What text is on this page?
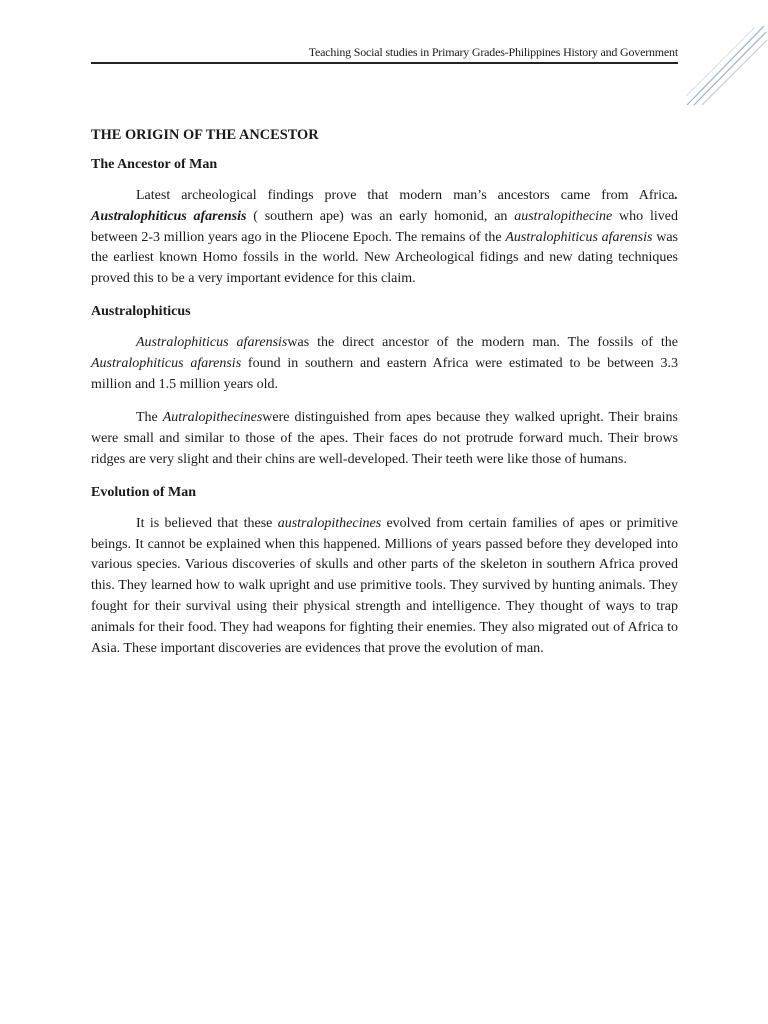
Teaching Social studies in Primary Grades-Philippines History and Government
THE ORIGIN OF THE ANCESTOR
The Ancestor of Man

Latest archeological findings prove that modern man’s ancestors came from Africa. Australophiticus afarensis ( southern ape) was an early homonid, an australopithecine who lived between 2-3 million years ago in the Pliocene Epoch. The remains of the Australophiticus afarensis was the earliest known Homo fossils in the world. New Archeological fidings and new dating techniques proved this to be a very important evidence for this claim.

Australophiticus

Australophiticus afarensiswas the direct ancestor of the modern man. The fossils of the Australophiticus afarensis found in southern and eastern Africa were estimated to be between 3.3 million and 1.5 million years old.

The Autralopithecineswere distinguished from apes because they walked upright. Their brains were small and similar to those of the apes. Their faces do not protrude forward much. Their brows ridges are very slight and their chins are well-developed. Their teeth were like those of humans.

Evolution of Man

It is believed that these australopithecines evolved from certain families of apes or primitive beings. It cannot be explained when this happened. Millions of years passed before they developed into various species. Various discoveries of skulls and other parts of the skeleton in southern Africa proved this. They learned how to walk upright and use primitive tools. They survived by hunting animals. They fought for their survival using their physical strength and intelligence. They thought of ways to trap animals for their food. They had weapons for fighting their enemies. They also migrated out of Africa to Asia. These important discoveries are evidences that prove the evolution of man.
